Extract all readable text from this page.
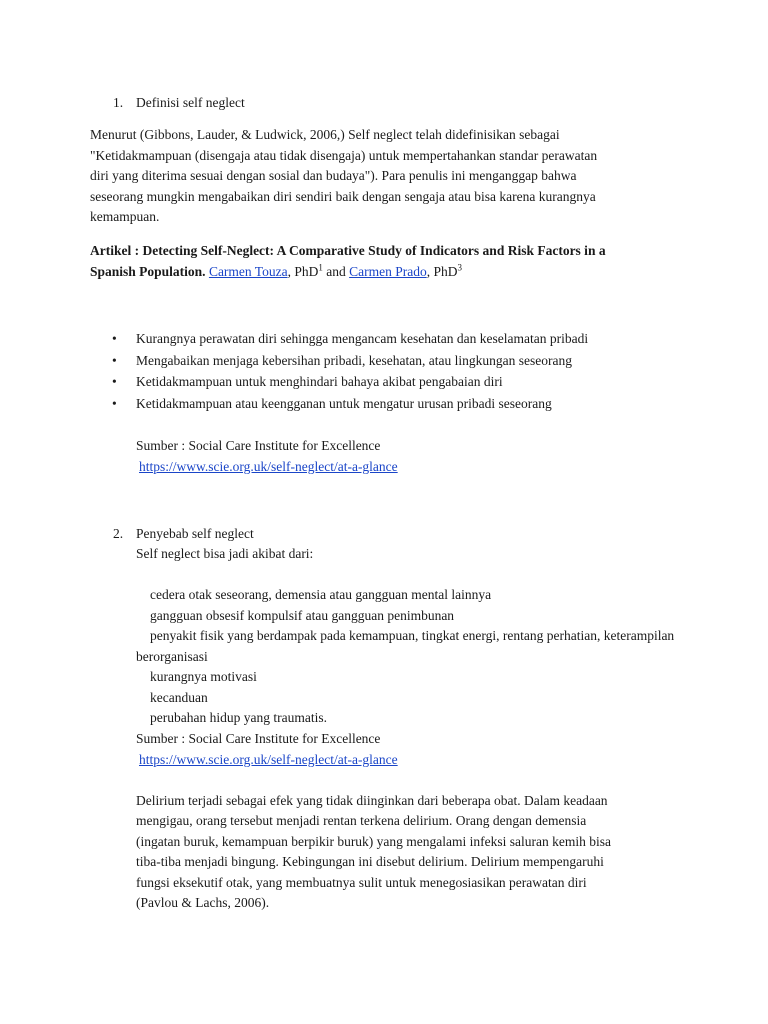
1. Definisi self neglect
Menurut (Gibbons, Lauder, & Ludwick, 2006,) Self neglect telah didefinisikan sebagai
"Ketidakmampuan (disengaja atau tidak disengaja) untuk mempertahankan standar perawatan
diri yang diterima sesuai dengan sosial dan budaya"). Para penulis ini menganggap bahwa
seseorang mungkin mengabaikan diri sendiri baik dengan sengaja atau bisa karena kurangnya
kemampuan.
Artikel : Detecting Self-Neglect: A Comparative Study of Indicators and Risk Factors in a
Spanish Population. Carmen Touza, PhD$^1$ and Carmen Prado, PhD$^3$
• Kurangnya perawatan diri sehingga mengancam kesehatan dan keselamatan pribadi
• Mengabaikan menjaga kebersihan pribadi, kesehatan, atau lingkungan seseorang
• Ketidakmampuan untuk menghindari bahaya akibat pengabaian diri
• Ketidakmampuan atau keengganan untuk mengatur urusan pribadi seseorang
Sumber : Social Care Institute for Excellence
https://www.scie.org.uk/self-neglect/at-a-glance
2. Penyebab self neglect
Self neglect bisa jadi akibat dari:
cedera otak seseorang, demensia atau gangguan mental lainnya
gangguan obsesif kompulsif atau gangguan penimbunan
penyakit fisik yang berdampak pada kemampuan, tingkat energi, rentang perhatian, keterampilan berorganisasi
kurangnya motivasi
kecanduan
perubahan hidup yang traumatis.
Sumber : Social Care Institute for Excellence
https://www.scie.org.uk/self-neglect/at-a-glance
Delirium terjadi sebagai efek yang tidak diinginkan dari beberapa obat. Dalam keadaan
mengigau, orang tersebut menjadi rentan terkena delirium. Orang dengan demensia
(ingatan buruk, kemampuan berpikir buruk) yang mengalami infeksi saluran kemih bisa
tiba-tiba menjadi bingung. Kebingungan ini disebut delirium. Delirium mempengaruhi
fungsi eksekutif otak, yang membuatnya sulit untuk menegosiasikan perawatan diri
(Pavlou & Lachs, 2006).
